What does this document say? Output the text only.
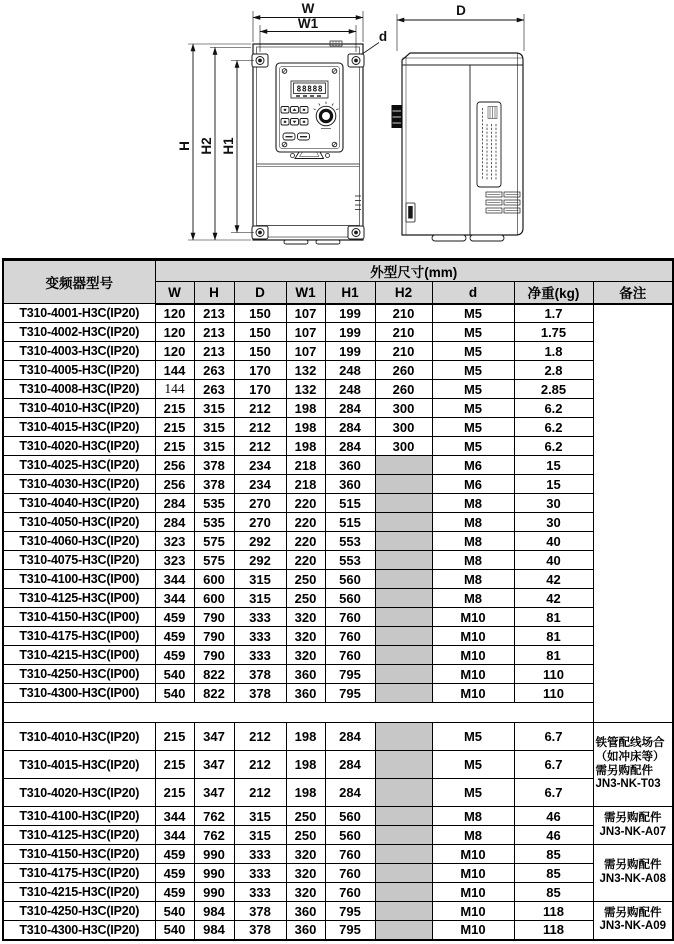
88888
W
W1
d
H H2 H1
D
变频器型号	外型尺寸(mm)								
	W	H	D	W1	H1	H2	d	净重(kg)	备注
T310-4001-H3C(IP20)	120	213	150	107	199	210	M5	1.7	
T310-4002-H3C(IP20)	120	213	150	107	199	210	M5	1.75	
T310-4003-H3C(IP20)	120	213	150	107	199	210	M5	1.8	
T310-4005-H3C(IP20)	144	263	170	132	248	260	M5	2.8	
T310-4008-H3C(IP20)	144	263	170	132	248	260	M5	2.85	
T310-4010-H3C(IP20)	215	315	212	198	284	300	M5	6.2	
T310-4015-H3C(IP20)	215	315	212	198	284	300	M5	6.2	
T310-4020-H3C(IP20)	215	315	212	198	284	300	M5	6.2	
T310-4025-H3C(IP20)	256	378	234	218	360		M6	15	
T310-4030-H3C(IP20)	256	378	234	218	360		M6	15	
T310-4040-H3C(IP20)	284	535	270	220	515		M8	30	
T310-4050-H3C(IP20)	284	535	270	220	515		M8	30	
T310-4060-H3C(IP20)	323	575	292	220	553		M8	40	
T310-4075-H3C(IP20)	323	575	292	220	553		M8	40	
T310-4100-H3C(IP00)	344	600	315	250	560		M8	42	
T310-4125-H3C(IP00)	344	600	315	250	560		M8	42	
T310-4150-H3C(IP00)	459	790	333	320	760		M10	81	
T310-4175-H3C(IP00)	459	790	333	320	760		M10	81	
T310-4215-H3C(IP00)	459	790	333	320	760		M10	81	
T310-4250-H3C(IP00)	540	822	378	360	795		M10	110	
T310-4300-H3C(IP00)	540	822	378	360	795		M10	110	

T310-4010-H3C(IP20)	215	347	212	198	284		M5	6.7	铁管配线场合
（如冲床等）
需另购配件
JN3-NK-T03

T310-4015-H3C(IP20)	215	347	212	198	284		M5	6.7	
T310-4020-H3C(IP20)	215	347	212	198	284		M5	6.7	
T310-4100-H3C(IP20)	344	762	315	250	560		M8	46	需另购配件
JN3-NK-A07

T310-4125-H3C(IP20)	344	762	315	250	560		M8	46	
T310-4150-H3C(IP20)	459	990	333	320	760		M10	85	需另购配件
JN3-NK-A08

T310-4175-H3C(IP20)	459	990	333	320	760		M10	85	
T310-4215-H3C(IP20)	459	990	333	320	760		M10	85	
T310-4250-H3C(IP20)	540	984	378	360	795		M10	118	需另购配件
JN3-NK-A09

T310-4300-H3C(IP20)	540	984	378	360	795		M10	118	
